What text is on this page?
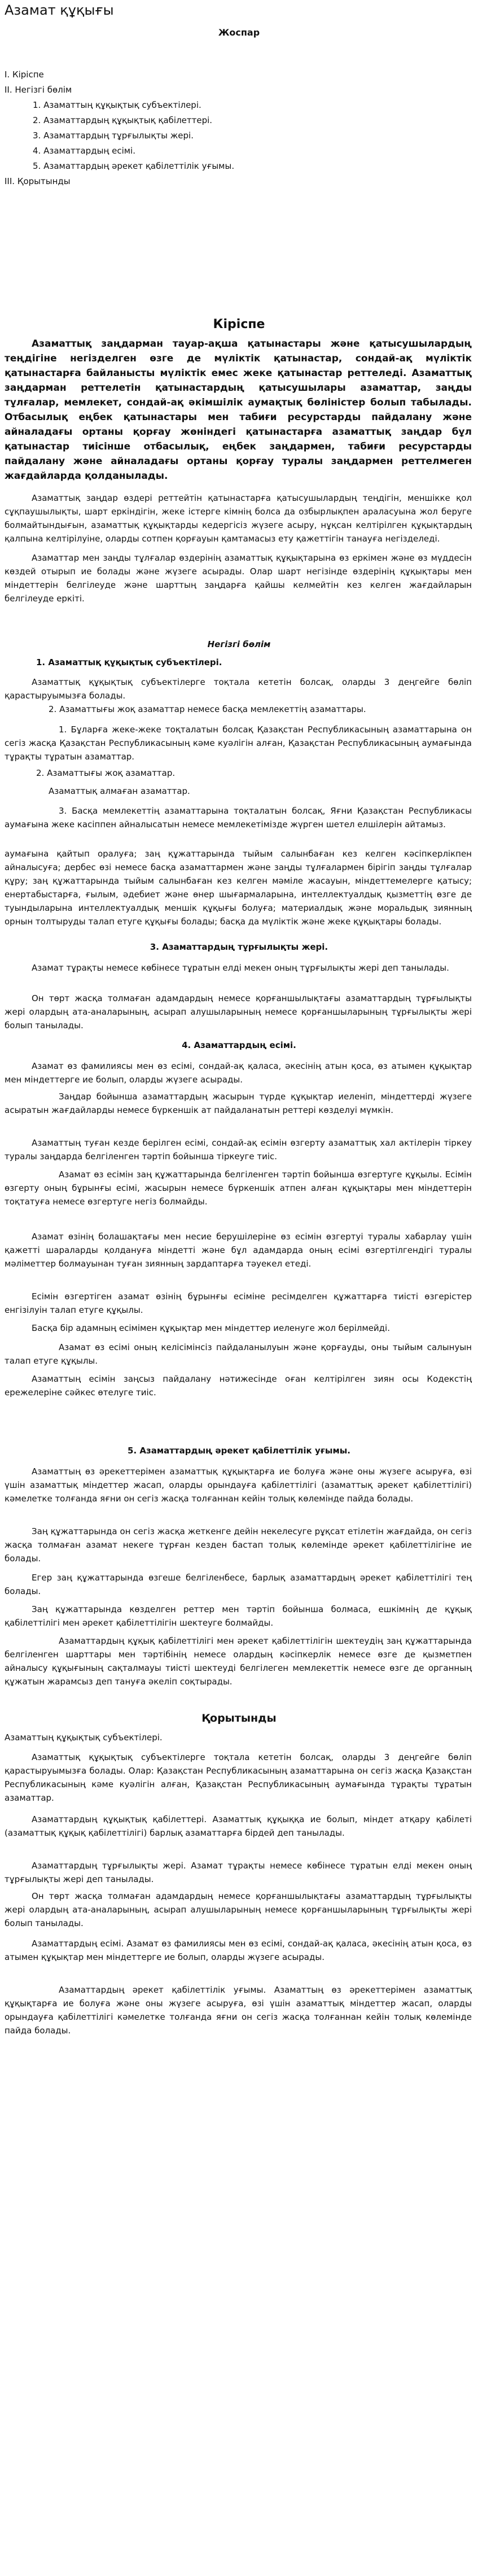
Азамат құқығы
Жоспар
I. Кіріспе
II. Негізгі бөлім
1. Азаматтың құқықтық субъектілері.
2. Азаматтардың құқықтық қабілеттері.
3. Азаматтардың тұрғылықты жері.
4. Азаматтардың есімі.
5. Азаматтардың әрекет қабілеттілік уғымы.
III. Қорытынды
Кіріспе

Азаматтық заңдарман тауар-ақша қатынастары және қатысушылардың теңдігіне негізделген өзге де мүліктік қатынастар, сондай-ақ мүліктік қатынастарға байланысты мүліктік емес жеке қатынастар реттеледі. Азаматтық заңдарман реттелетін қатынастардың қатысушылары азаматтар, заңды тұлғалар, мемлекет, сондай-ақ әкімшілік аумақтық бөліністер болып табылады. Отбасылық еңбек қатынастары мен табиғи ресурстарды пайдалану және айналадағы ортаны қорғау жөніндегі қатынастарға азаматтық заңдар бұл қатынастар тиісінше отбасылық, еңбек заңдармен, табиғи ресурстарды пайдалану және айналадағы ортаны қорғау туралы заңдармен реттелмеген жағдайларда қолданылады.

Азаматтық заңдар өздері реттейтін қатынастарға қатысушылардың теңдігін, меншікке қол сұқпаушылықты, шарт еркіндігін, жеке істерге кімнің болса да озбырлықпен араласуына жол беруге болмайтындығын, азаматтық құқықтарды кедергісіз жүзеге асыру, нұқсан келтірілген құқықтардың қалпына келтірілуіне, оларды сотпен қорғауын қамтамасыз ету қажеттігін танауға негізделеді.

Азаматтар мен заңды тұлғалар өздерінің азаматтық құқықтарына өз еркімен және өз мүддесін көздей отырып ие болады және жүзеге асырады. Олар шарт негізінде өздерінің құқықтары мен міндеттерін белгілеуде және шарттың заңдарға қайшы келмейтін кез келген жағдайларын белгілеуде еркіті.

Негізгі бөлім
1. Азаматтық құқықтық субъектілері.

Азаматтық құқықтық субъектілерге тоқтала кететін болсақ, оларды 3 деңгейге бөліп қарастыруымызға болады.

2. Азаматтығы жоқ азаматтар немесе басқа мемлекеттің азаматтары.

1. Бұларға жеке-жеке тоқталатын болсақ Қазақстан Республикасының азаматтарына он сегіз жасқа Қазақстан Республикасының кәме куәлігін алған, Қазақстан Республикасының аумағында тұрақты тұратын азаматтар.

2. Азаматтығы жоқ азаматтар.
Азаматтық алмаған азаматтар.

3. Басқа мемлекеттің азаматтарына тоқталатын болсақ, Яғни Қазақстан Республикасы аумағына жеке касіппен айналысатын немесе мемлекетімізде жүрген шетел елшілерін айтамыз.

аумағына қайтып оралуға; заң құжаттарында тыйым салынбаған кез келген кәсіпкерлікпен айналысуға; дербес өзі немесе басқа азаматтармен және заңды тұлғалармен бірігіп заңды тұлғалар құру; заң құжаттарында тыйым салынбаған кез келген мәміле жасауын, міндеттемелерге қатысу; енертабыстарға, ғылым, әдебиет және өнер шығармаларына, интеллектуалдық қызметтің өзге де туындыларына интеллектуалдық меншік құқығы болуға; материалдық және моральдық зиянның орнын толтыруды талап етуге құқығы болады; басқа да мүліктік және жеке құқықтары болады.

3. Азаматтардың тұрғылықты жері.

Азамат тұрақты немесе көбінесе тұратын елді мекен оның тұрғылықты жері деп танылады.

Он төрт жасқа толмаған адамдардың немесе қорғаншылықтағы азаматтардың тұрғылықты жері олардың ата-аналарының, асырап алушыларының немесе қорғаншыларының тұрғылықты жері болып танылады.

4. Азаматтардың есімі.

Азамат өз фамилиясы мен өз есімі, сондай-ақ қаласа, әкесінің атын қоса, өз атымен құқықтар мен міндеттерге ие болып, оларды жүзеге асырады.

Заңдар бойынша азаматтардың жасырын түрде құқықтар иеленіп, міндеттерді жүзеге асыратын жағдайларды немесе бүркеншік ат пайдаланатын реттері көзделуі мүмкін.

Азаматтың туған кезде берілген есімі, сондай-ақ есімін өзгерту азаматтық хал актілерін тіркеу туралы заңдарда белгіленген тәртіп бойынша тіркеуге тиіс.

Азамат өз есімін заң құжаттарында белгіленген тәртіп бойынша өзгертуге құқылы. Есімін өзгерту оның бұрынғы есімі, жасырын немесе бүркеншік атпен алған құқықтары мен міндеттерін тоқтатуға немесе өзгертуге негіз болмайды.

Азамат өзінің болашақтағы мен несие берушілеріне өз есімін өзгертуі туралы хабарлау үшін қажетті шараларды қолдануға міндетті және бұл адамдарда оның есімі өзгертілгендігі туралы мәліметтер болмауынан туған зиянның зардаптарға тәуекел етеді.

Есімін өзгертіген азамат өзінің бұрынғы есіміне ресімделген құжаттарға тиісті өзгерістер енгізілуін талап етуге құқылы.

Басқа бір адамның есімімен құқықтар мен міндеттер иеленуге жол берілмейді.

Азамат өз есімі оның келісімінсіз пайдаланылуын және қорғауды, оны тыйым салынуын талап етуге құқылы.

Азаматтың есімін заңсыз пайдалану нәтижесінде оған келтірілген зиян осы Кодекстің ережелеріне сәйкес өтелуге тиіс.

5. Азаматтардың әрекет қабілеттілік уғымы.

Азаматтың өз әрекеттерімен азаматтық құқықтарға ие болуға және оны жүзеге асыруға, өзі үшін азаматтық міндеттер жасап, оларды орындауға қабілеттілігі (азаматтық әрекет қабілеттілігі) кәмелетке толғанда яғни он сегіз жасқа толғаннан кейін толық көлемінде пайда болады.

Заң құжаттарында он сегіз жасқа жеткенге дейін некелесуге рұқсат етілетін жағдайда, он сегіз жасқа толмаған азамат некеге тұрған кезден бастап толық көлемінде әрекет қабілеттілігіне ие болады.

Егер заң құжаттарында өзгеше белгіленбесе, барлық азаматтардың әрекет қабілеттілігі тең болады.

Заң құжаттарында көзделген реттер мен тәртіп бойынша болмаса, ешкімнің де құқық қабілеттілігі мен әрекет қабілеттілігін шектеуге болмайды.

Азаматтардың құқық қабілеттілігі мен әрекет қабілеттілігін шектеудің заң құжаттарында белгіленген шарттары мен тәртібінің немесе олардың кәсіпкерлік немесе өзге де қызметпен айналысу құқығының сақталмауы тиісті шектеуді белгілеген мемлекеттік немесе өзге де органның құжатын жарамсыз деп тануға әкеліп соқтырады.

Қорытынды
Азаматтың құқықтық субъектілері.

Азаматтық құқықтық субъектілерге тоқтала кететін болсақ, оларды 3 деңгейге бөліп қарастыруымызға болады. Олар: Қазақстан Республикасының азаматтарына он сегіз жасқа Қазақстан Республикасының кәме куәлігін алған, Қазақстан Республикасының аумағында тұрақты тұратын азаматтар.

Азаматтардың құқықтық қабілеттері. Азаматтық құқыққа ие болып, міндет атқару қабілеті (азаматтық құқық қабілеттілігі) барлық азаматтарға бірдей деп танылады.

Азаматтардың тұрғылықты жері. Азамат тұрақты немесе көбінесе тұратын елді мекен оның тұрғылықты жері деп танылады.

Он төрт жасқа толмаған адамдардың немесе қорғаншылықтағы азаматтардың тұрғылықты жері олардың ата-аналарының, асырап алушыларының немесе қорғаншыларының тұрғылықты жері болып танылады.

Азаматтардың есімі. Азамат өз фамилиясы мен өз есімі, сондай-ақ қаласа, әкесінің атын қоса, өз атымен құқықтар мен міндеттерге ие болып, оларды жүзеге асырады.

Азаматтардың әрекет қабілеттілік уғымы. Азаматтың өз әрекеттерімен азаматтық құқықтарға ие болуға және оны жүзеге асыруға, өзі үшін азаматтық міндеттер жасап, оларды орындауға қабілеттілігі кәмелетке толғанда яғни он сегіз жасқа толғаннан кейін толық көлемінде пайда болады.
